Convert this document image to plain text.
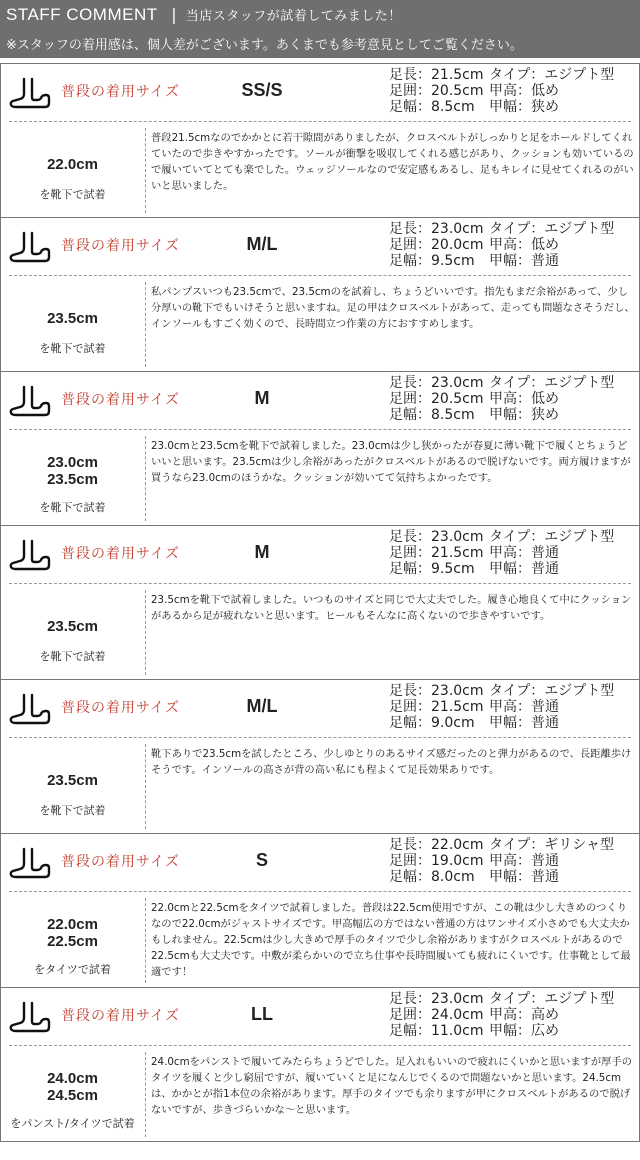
STAFF COMMENT | 当店スタッフが試着してみました！
※スタッフの着用感は、個人差がございます。あくまでも参考意見としてご覧ください。
普段の着用サイズ	SS/S
足長：21.5cm タイプ：エジプト型
足囲：20.5cm 甲高：低め
足幅：8.5cm 甲幅：狭め
22.0cm
を靴下で試着
普段21.5cmなのでかかとに若干隙間がありましたが、クロスベルトがしっかりと足をホールドしてくれていたので歩きやすかったです。ソールが衝撃を吸収してくれる感じがあり、クッションも効いているので履いていてとても楽でした。ウェッジソールなので安定感もあるし、足もキレイに見せてくれるのがいいと思いました。
普段の着用サイズ	M/L
足長：23.0cm タイプ：エジプト型
足囲：20.0cm 甲高：低め
足幅：9.5cm 甲幅：普通
23.5cm
を靴下で試着
私パンプスいつも23.5cmで、23.5cmのを試着し、ちょうどいいです。指先もまだ余裕があって、少し分厚いの靴下でもいけそうと思いますね。足の甲はクロスベルトがあって、走っても問題なさそうだし、インソールもすごく効くので、長時間立つ作業の方におすすめします。
普段の着用サイズ	M
足長：23.0cm タイプ：エジプト型
足囲：20.5cm 甲高：低め
足幅：8.5cm 甲幅：狭め
23.0cm
23.5cm
を靴下で試着
23.0cmと23.5cmを靴下で試着しました。23.0cmは少し狭かったが春夏に薄い靴下で履くとちょうどいいと思います。23.5cmは少し余裕があったがクロスベルトがあるので脱げないです。両方履けますが買うなら23.0cmのほうかな。クッションが効いてて気持ちよかったです。
普段の着用サイズ	M
足長：23.0cm タイプ：エジプト型
足囲：21.5cm 甲高：普通
足幅：9.5cm 甲幅：普通
23.5cm
を靴下で試着
23.5cmを靴下で試着しました。いつものサイズと同じで大丈夫でした。履き心地良くて中にクッションがあるから足が疲れないと思います。ヒールもそんなに高くないので歩きやすいです。
普段の着用サイズ	M/L
足長：23.0cm タイプ：エジプト型
足囲：21.5cm 甲高：普通
足幅：9.0cm 甲幅：普通
23.5cm
を靴下で試着
靴下ありで23.5cmを試したところ、少しゆとりのあるサイズ感だったのと弾力があるので、長距離歩けそうです。インソールの高さが背の高い私にも程よくて足長効果ありです。
普段の着用サイズ	S
足長：22.0cm タイプ：ギリシャ型
足囲：19.0cm 甲高：普通
足幅：8.0cm 甲幅：普通
22.0cm
22.5cm
をタイツで試着
22.0cmと22.5cmをタイツで試着しました。普段は22.5cm使用ですが、この靴は少し大きめのつくりなので22.0cmがジャストサイズです。甲高幅広の方ではない普通の方はワンサイズ小さめでも大丈夫かもしれません。22.5cmは少し大きめで厚手のタイツで少し余裕がありますがクロスベルトがあるので22.5cmも大丈夫です。中敷が柔らかいので立ち仕事や長時間履いても疲れにくいです。仕事靴として最適です！
普段の着用サイズ	LL
足長：23.0cm タイプ：エジプト型
足囲：24.0cm 甲高：高め
足幅：11.0cm 甲幅：広め
24.0cm
24.5cm
をパンスト/タイツで試着
24.0cmをパンストで履いてみたらちょうどでした。足入れもいいので疲れにくいかと思いますが厚手のタイツを履くと少し窮屈ですが、履いていくと足になんじでくるので問題ないかと思います。24.5cmは、かかとが指1本位の余裕があります。厚手のタイツでも余りますが甲にクロスベルトがあるので脱げないですが、歩きづらいかな～と思います。
